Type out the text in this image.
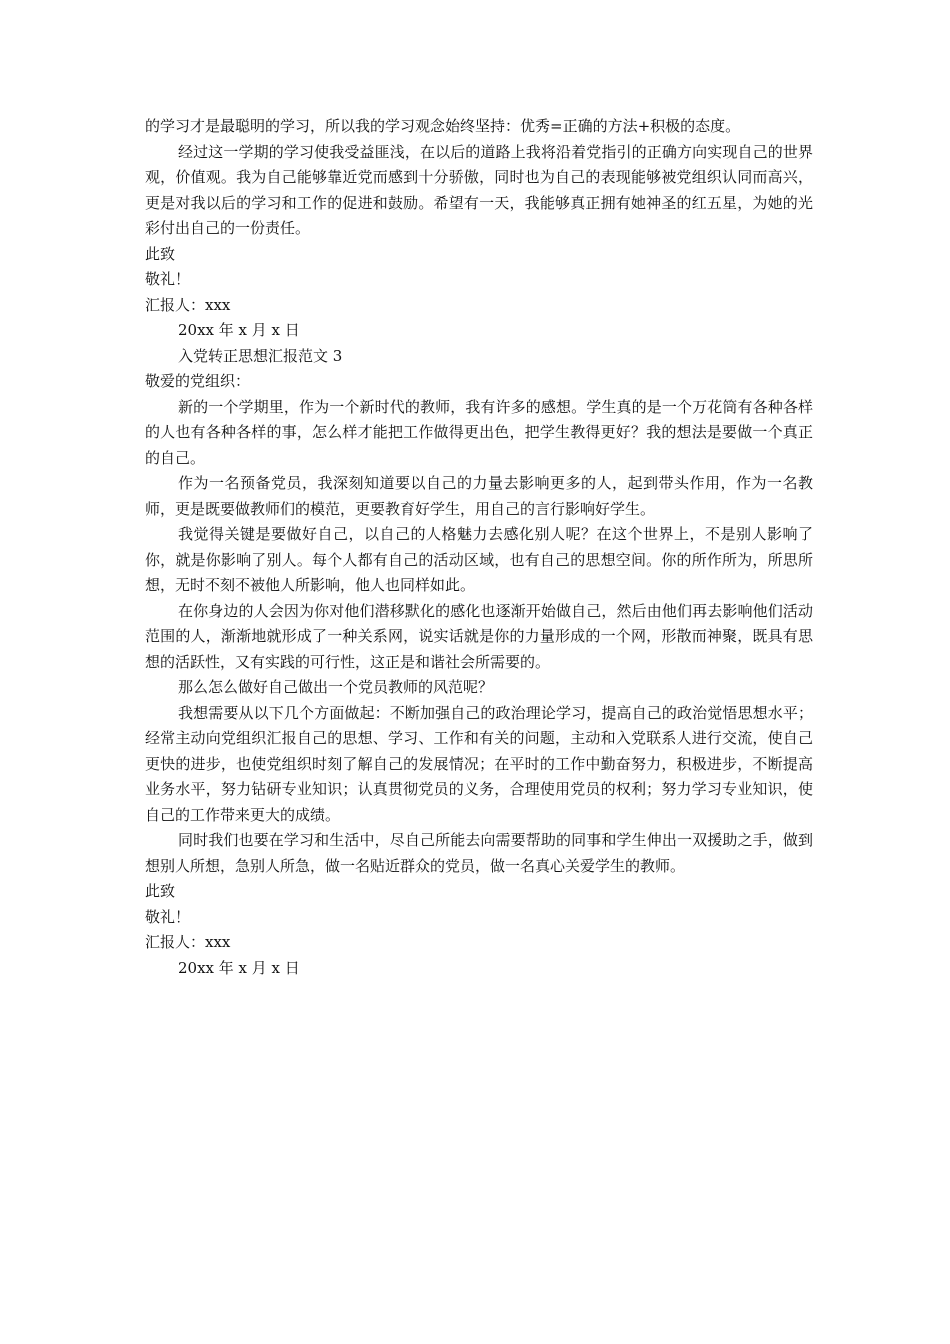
的学习才是最聪明的学习，所以我的学习观念始终坚持：优秀=正确的方法+积极的态度。

经过这一学期的学习使我受益匪浅，在以后的道路上我将沿着党指引的正确方向实现自己的世界观，价值观。我为自己能够靠近党而感到十分骄傲，同时也为自己的表现能够被党组织认同而高兴，更是对我以后的学习和工作的促进和鼓励。希望有一天，我能够真正拥有她神圣的红五星，为她的光彩付出自己的一份责任。

此致
敬礼！
汇报人：xxx
20xx 年 x 月 x 日
入党转正思想汇报范文 3
敬爱的党组织：

新的一个学期里，作为一个新时代的教师，我有许多的感想。学生真的是一个万花筒有各种各样的人也有各种各样的事，怎么样才能把工作做得更出色，把学生教得更好？我的想法是要做一个真正的自己。

作为一名预备党员，我深刻知道要以自己的力量去影响更多的人，起到带头作用，作为一名教师，更是既要做教师们的模范，更要教育好学生，用自己的言行影响好学生。

我觉得关键是要做好自己，以自己的人格魅力去感化别人呢？在这个世界上，不是别人影响了你，就是你影响了别人。每个人都有自己的活动区域，也有自己的思想空间。你的所作所为，所思所想，无时不刻不被他人所影响，他人也同样如此。

在你身边的人会因为你对他们潜移默化的感化也逐渐开始做自己，然后由他们再去影响他们活动范围的人，渐渐地就形成了一种关系网，说实话就是你的力量形成的一个网，形散而神聚，既具有思想的活跃性，又有实践的可行性，这正是和谐社会所需要的。

那么怎么做好自己做出一个党员教师的风范呢？

我想需要从以下几个方面做起：不断加强自己的政治理论学习，提高自己的政治觉悟思想水平；经常主动向党组织汇报自己的思想、学习、工作和有关的问题，主动和入党联系人进行交流，使自己更快的进步，也使党组织时刻了解自己的发展情况；在平时的工作中勤奋努力，积极进步，不断提高业务水平，努力钻研专业知识；认真贯彻党员的义务，合理使用党员的权利；努力学习专业知识，使自己的工作带来更大的成绩。

同时我们也要在学习和生活中，尽自己所能去向需要帮助的同事和学生伸出一双援助之手，做到想别人所想，急别人所急，做一名贴近群众的党员，做一名真心关爱学生的教师。

此致
敬礼！
汇报人：xxx
20xx 年 x 月 x 日
